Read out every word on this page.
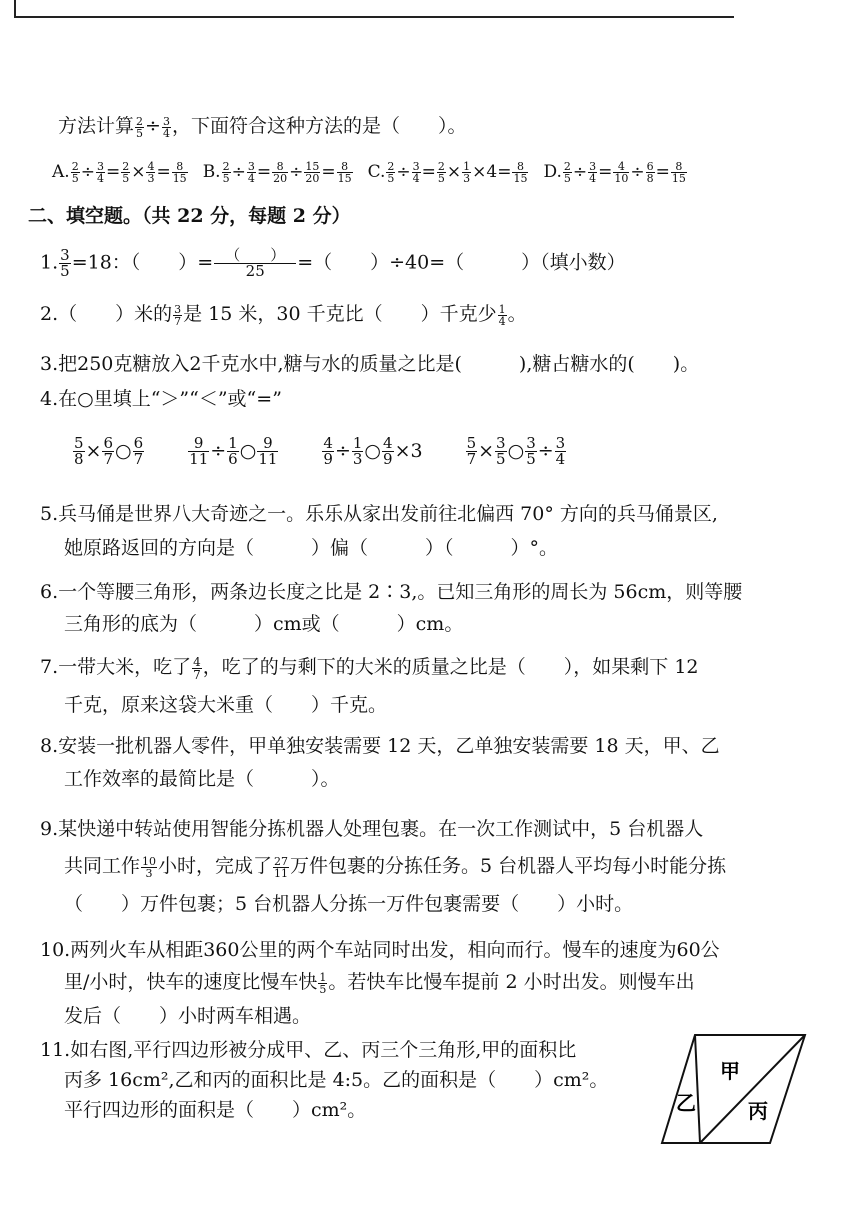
方法计算 $\frac{2}{5} \div \frac{3}{4}$ ，下面符合这种方法的是（　　）。
A. $\frac{2}{5} \div \frac{3}{4} = \frac{2}{5} \times \frac{4}{3} = \frac{8}{15} B$. $\frac{2}{5} \div \frac{3}{4} = \frac{8}{20} \div \frac{15}{20} = \frac{8}{15} C$. $\frac{2}{5} \div \frac{3}{4} = \frac{2}{5} \times \frac{1}{3} \times 4= \frac{8}{15} D$. $\frac{2}{5} \div \frac{3}{4} = \frac{4}{10} \div \frac{6}{8} = \frac{8}{15}$
二、填空题。（共 22 分，每题 2 分）
1. $\frac{3}{5} =18$：（　　）= （　　）
25	=（　　）÷40=（　　　）（填小数）
2.（　　）米的 $\frac{3}{7}$ 是 15 米，30 千克比（　　）千克少 $\frac{1}{4}$ 。
3.把250克糖放入2千克水中,糖与水的质量之比是(　　　),糖占糖水的(　　)。
4.在○里填上“＞”“＜”或“=”
$\frac{5}{8} \times \frac{6}{7}$ ○ $\frac{6}{7}$	$\frac{9}{11} \div \frac{1}{6}$ ○ $\frac{9}{11}$	$\frac{4}{9} \div \frac{1}{3}$ ○ $\frac{4}{9} \times 3$	$\frac{5}{7} \times \frac{3}{5}$ ○ $\frac{3}{5} \div \frac{3}{4}$
5.兵马俑是世界八大奇迹之一。乐乐从家出发前往北偏西 70° 方向的兵马俑景区,
她原路返回的方向是（　　　）偏（　　　）（　　　）°。
6.一个等腰三角形，两条边长度之比是 2∶3,。已知三角形的周长为 56cm，则等腰
三角形的底为（　　　）cm或（　　　）cm。
7.一带大米，吃了 $\frac{4}{7}$ ，吃了的与剩下的大米的质量之比是（　　），如果剩下 12
千克，原来这袋大米重（　　）千克。
8.安装一批机器人零件，甲单独安装需要 12 天，乙单独安装需要 18 天，甲、乙
工作效率的最简比是（　　　）。
9.某快递中转站使用智能分拣机器人处理包裹。在一次工作测试中，5 台机器人
共同工作 $\frac{10}{3}$ 小时，完成了 $\frac{27}{11}$ 万件包裹的分拣任务。5 台机器人平均每小时能分拣
（　　）万件包裹；5 台机器人分拣一万件包裹需要（　　）小时。
10.两列火车从相距360公里的两个车站同时出发，相向而行。慢车的速度为60公
里/小时，快车的速度比慢车快 $\frac{1}{5}$ 。若快车比慢车提前 2 小时出发。则慢车出
发后（　　）小时两车相遇。
11.如右图,平行四边形被分成甲、乙、丙三个三角形,甲的面积比
丙多 16cm²,乙和丙的面积比是 4:5。乙的面积是（　　）cm²。
平行四边形的面积是（　　）cm²。
甲
乙	丙
